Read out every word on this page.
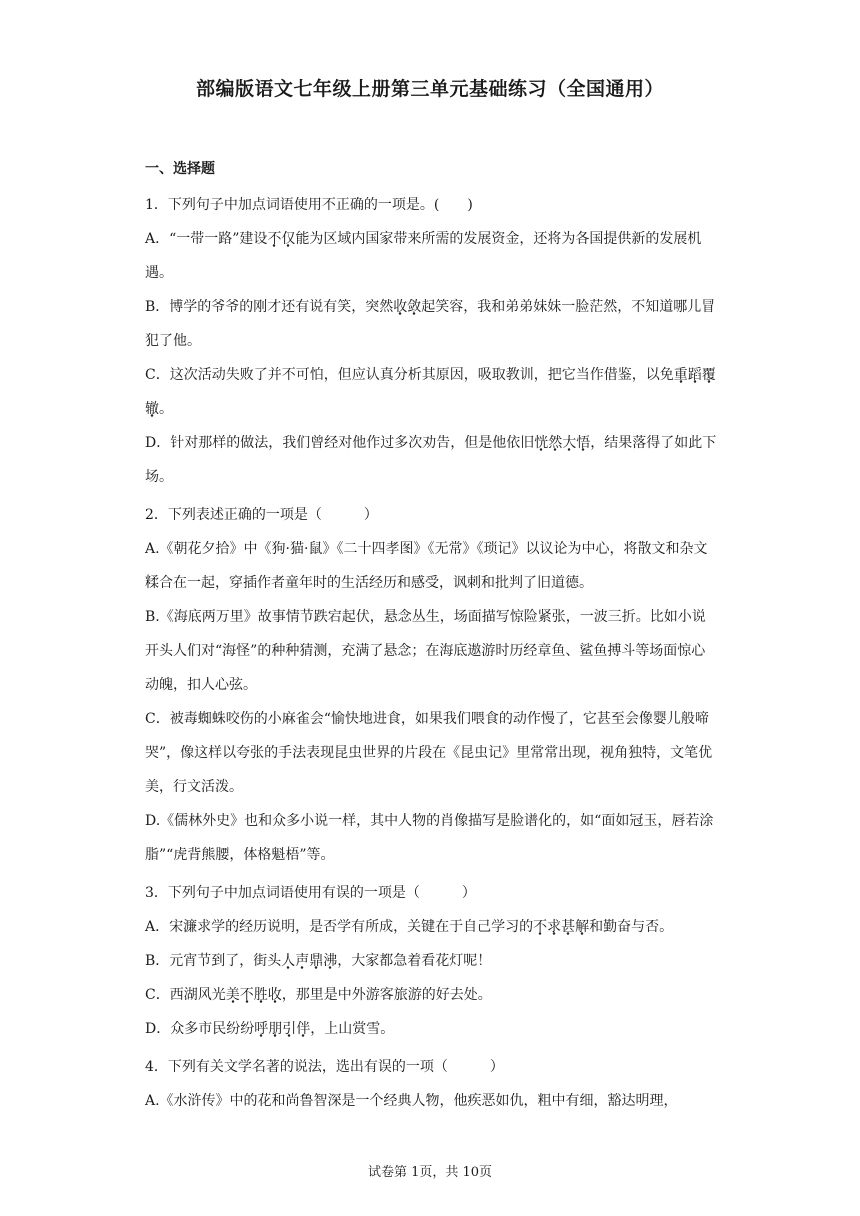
部编版语文七年级上册第三单元基础练习（全国通用）
一、选择题

1．下列句子中加点词语使用不正确的一项是。(　　)

A．“一带一路”建设不仅能为区域内国家带来所需的发展资金，还将为各国提供新的发展机遇。

B．博学的爷爷的刚才还有说有笑，突然收敛起笑容，我和弟弟妹妹一脸茫然，不知道哪儿冒犯了他。

C．这次活动失败了并不可怕，但应认真分析其原因，吸取教训，把它当作借鉴，以免重蹈覆辙。

D．针对那样的做法，我们曾经对他作过多次劝告，但是他依旧恍然大悟，结果落得了如此下场。

2．下列表述正确的一项是（　　　）

A.《朝花夕拾》中《狗·猫·鼠》《二十四孝图》《无常》《琐记》以议论为中心，将散文和杂文糅合在一起，穿插作者童年时的生活经历和感受，讽刺和批判了旧道德。

B.《海底两万里》故事情节跌宕起伏，悬念丛生，场面描写惊险紧张，一波三折。比如小说开头人们对“海怪”的种种猜测，充满了悬念；在海底遨游时历经章鱼、鲨鱼搏斗等场面惊心动魄，扣人心弦。

C．被毒蜘蛛咬伤的小麻雀会“愉快地进食，如果我们喂食的动作慢了，它甚至会像婴儿般啼哭”，像这样以夸张的手法表现昆虫世界的片段在《昆虫记》里常常出现，视角独特，文笔优美，行文活泼。

D.《儒林外史》也和众多小说一样，其中人物的肖像描写是脸谱化的，如“面如冠玉，唇若涂脂”“虎背熊腰，体格魁梧”等。

3．下列句子中加点词语使用有误的一项是（　　　）

A．宋濂求学的经历说明，是否学有所成，关键在于自己学习的不求甚解和勤奋与否。

B．元宵节到了，街头人声鼎沸，大家都急着看花灯呢！

C．西湖风光美不胜收，那里是中外游客旅游的好去处。

D．众多市民纷纷呼朋引伴，上山赏雪。

4．下列有关文学名著的说法，选出有误的一项（　　　）

A.《水浒传》中的花和尚鲁智深是一个经典人物，他疾恶如仇，粗中有细，豁达明理，

试卷第 1页，共 10页
